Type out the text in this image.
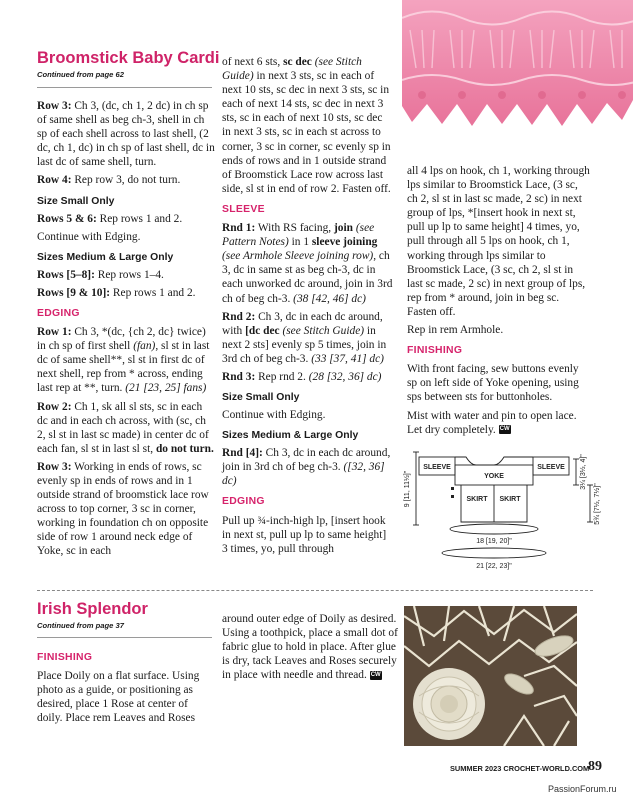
Broomstick Baby Cardi
Continued from page 62

Row 3: Ch 3, (dc, ch 1, 2 dc) in ch sp of same shell as beg ch-3, shell in ch sp of each shell across to last shell, (2 dc, ch 1, dc) in ch sp of last shell, dc in last dc of same shell, turn.

Row 4: Rep row 3, do not turn.

Size Small Only

Rows 5 & 6: Rep rows 1 and 2.

Continue with Edging.

Sizes Medium & Large Only

Rows [5–8]: Rep rows 1–4.

Rows [9 & 10]: Rep rows 1 and 2.

EDGING

Row 1: Ch 3, *(dc, {ch 2, dc} twice) in ch sp of first shell (fan), sl st in last dc of same shell**, sl st in first dc of next shell, rep from * across, ending last rep at **, turn. (21 [23, 25] fans)

Row 2: Ch 1, sk all sl sts, sc in each dc and in each ch across, with (sc, ch 2, sl st in last sc made) in center dc of each fan, sl st in last sl st, do not turn.

Row 3: Working in ends of rows, sc evenly sp in ends of rows and in 1 outside strand of broomstick lace row across to top corner, 3 sc in corner, working in foundation ch on opposite side of row 1 around neck edge of Yoke, sc in each

of next 6 sts, sc dec (see Stitch Guide) in next 3 sts, sc in each of next 10 sts, sc dec in next 3 sts, sc in each of next 14 sts, sc dec in next 3 sts, sc in each of next 10 sts, sc dec in next 3 sts, sc in each st across to corner, 3 sc in corner, sc evenly sp in ends of rows and in 1 outside strand of Broomstick Lace row across last side, sl st in end of row 2. Fasten off.

SLEEVE

Rnd 1: With RS facing, join (see Pattern Notes) in 1 sleeve joining (see Armhole Sleeve joining row), ch 3, dc in same st as beg ch-3, dc in each unworked dc around, join in 3rd ch of beg ch-3. (38 [42, 46] dc)

Rnd 2: Ch 3, dc in each dc around, with [dc dec (see Stitch Guide) in next 2 sts] evenly sp 5 times, join in 3rd ch of beg ch-3. (33 [37, 41] dc)

Rnd 3: Rep rnd 2. (28 [32, 36] dc)

Size Small Only

Continue with Edging.

Sizes Medium & Large Only

Rnd [4]: Ch 3, dc in each dc around, join in 3rd ch of beg ch-3. ([32, 36] dc)

EDGING

Pull up ¾-inch-high lp, [insert hook in next st, pull up lp to same height] 3 times, yo, pull through

all 4 lps on hook, ch 1, working through lps similar to Broomstick Lace, (3 sc, ch 2, sl st in last sc made, 2 sc) in next group of lps, *[insert hook in next st, pull up lp to same height] 4 times, yo, pull through all 5 lps on hook, ch 1, working through lps similar to Broomstick Lace, (3 sc, ch 2, sl st in last sc made, 2 sc) in next group of lps, rep from * around, join in beg sc. Fasten off.

Rep in rem Armhole.

FINISHING

With front facing, sew buttons evenly sp on left side of Yoke opening, using sps between sts for buttonholes.

Mist with water and pin to open lace. Let dry completely. CW

SLEEVE	SLEEVE
YOKE
SKIRT SKIRT
9 [11, 11½]"	3¼ [3½, 4]"
5¾ [7½, 7½]"
18 [19, 20]"
21 [22, 23]"
Irish Splendor
Continued from page 37
FINISHING

Place Doily on a flat surface. Using photo as a guide, or positioning as desired, place 1 Rose at center of doily. Place rem Leaves and Roses

around outer edge of Doily as desired. Using a toothpick, place a small dot of fabric glue to hold in place. After glue is dry, tack Leaves and Roses securely in place with needle and thread. CW

SUMMER 2023 CROCHET-WORLD.COM
89
PassionForum.ru
